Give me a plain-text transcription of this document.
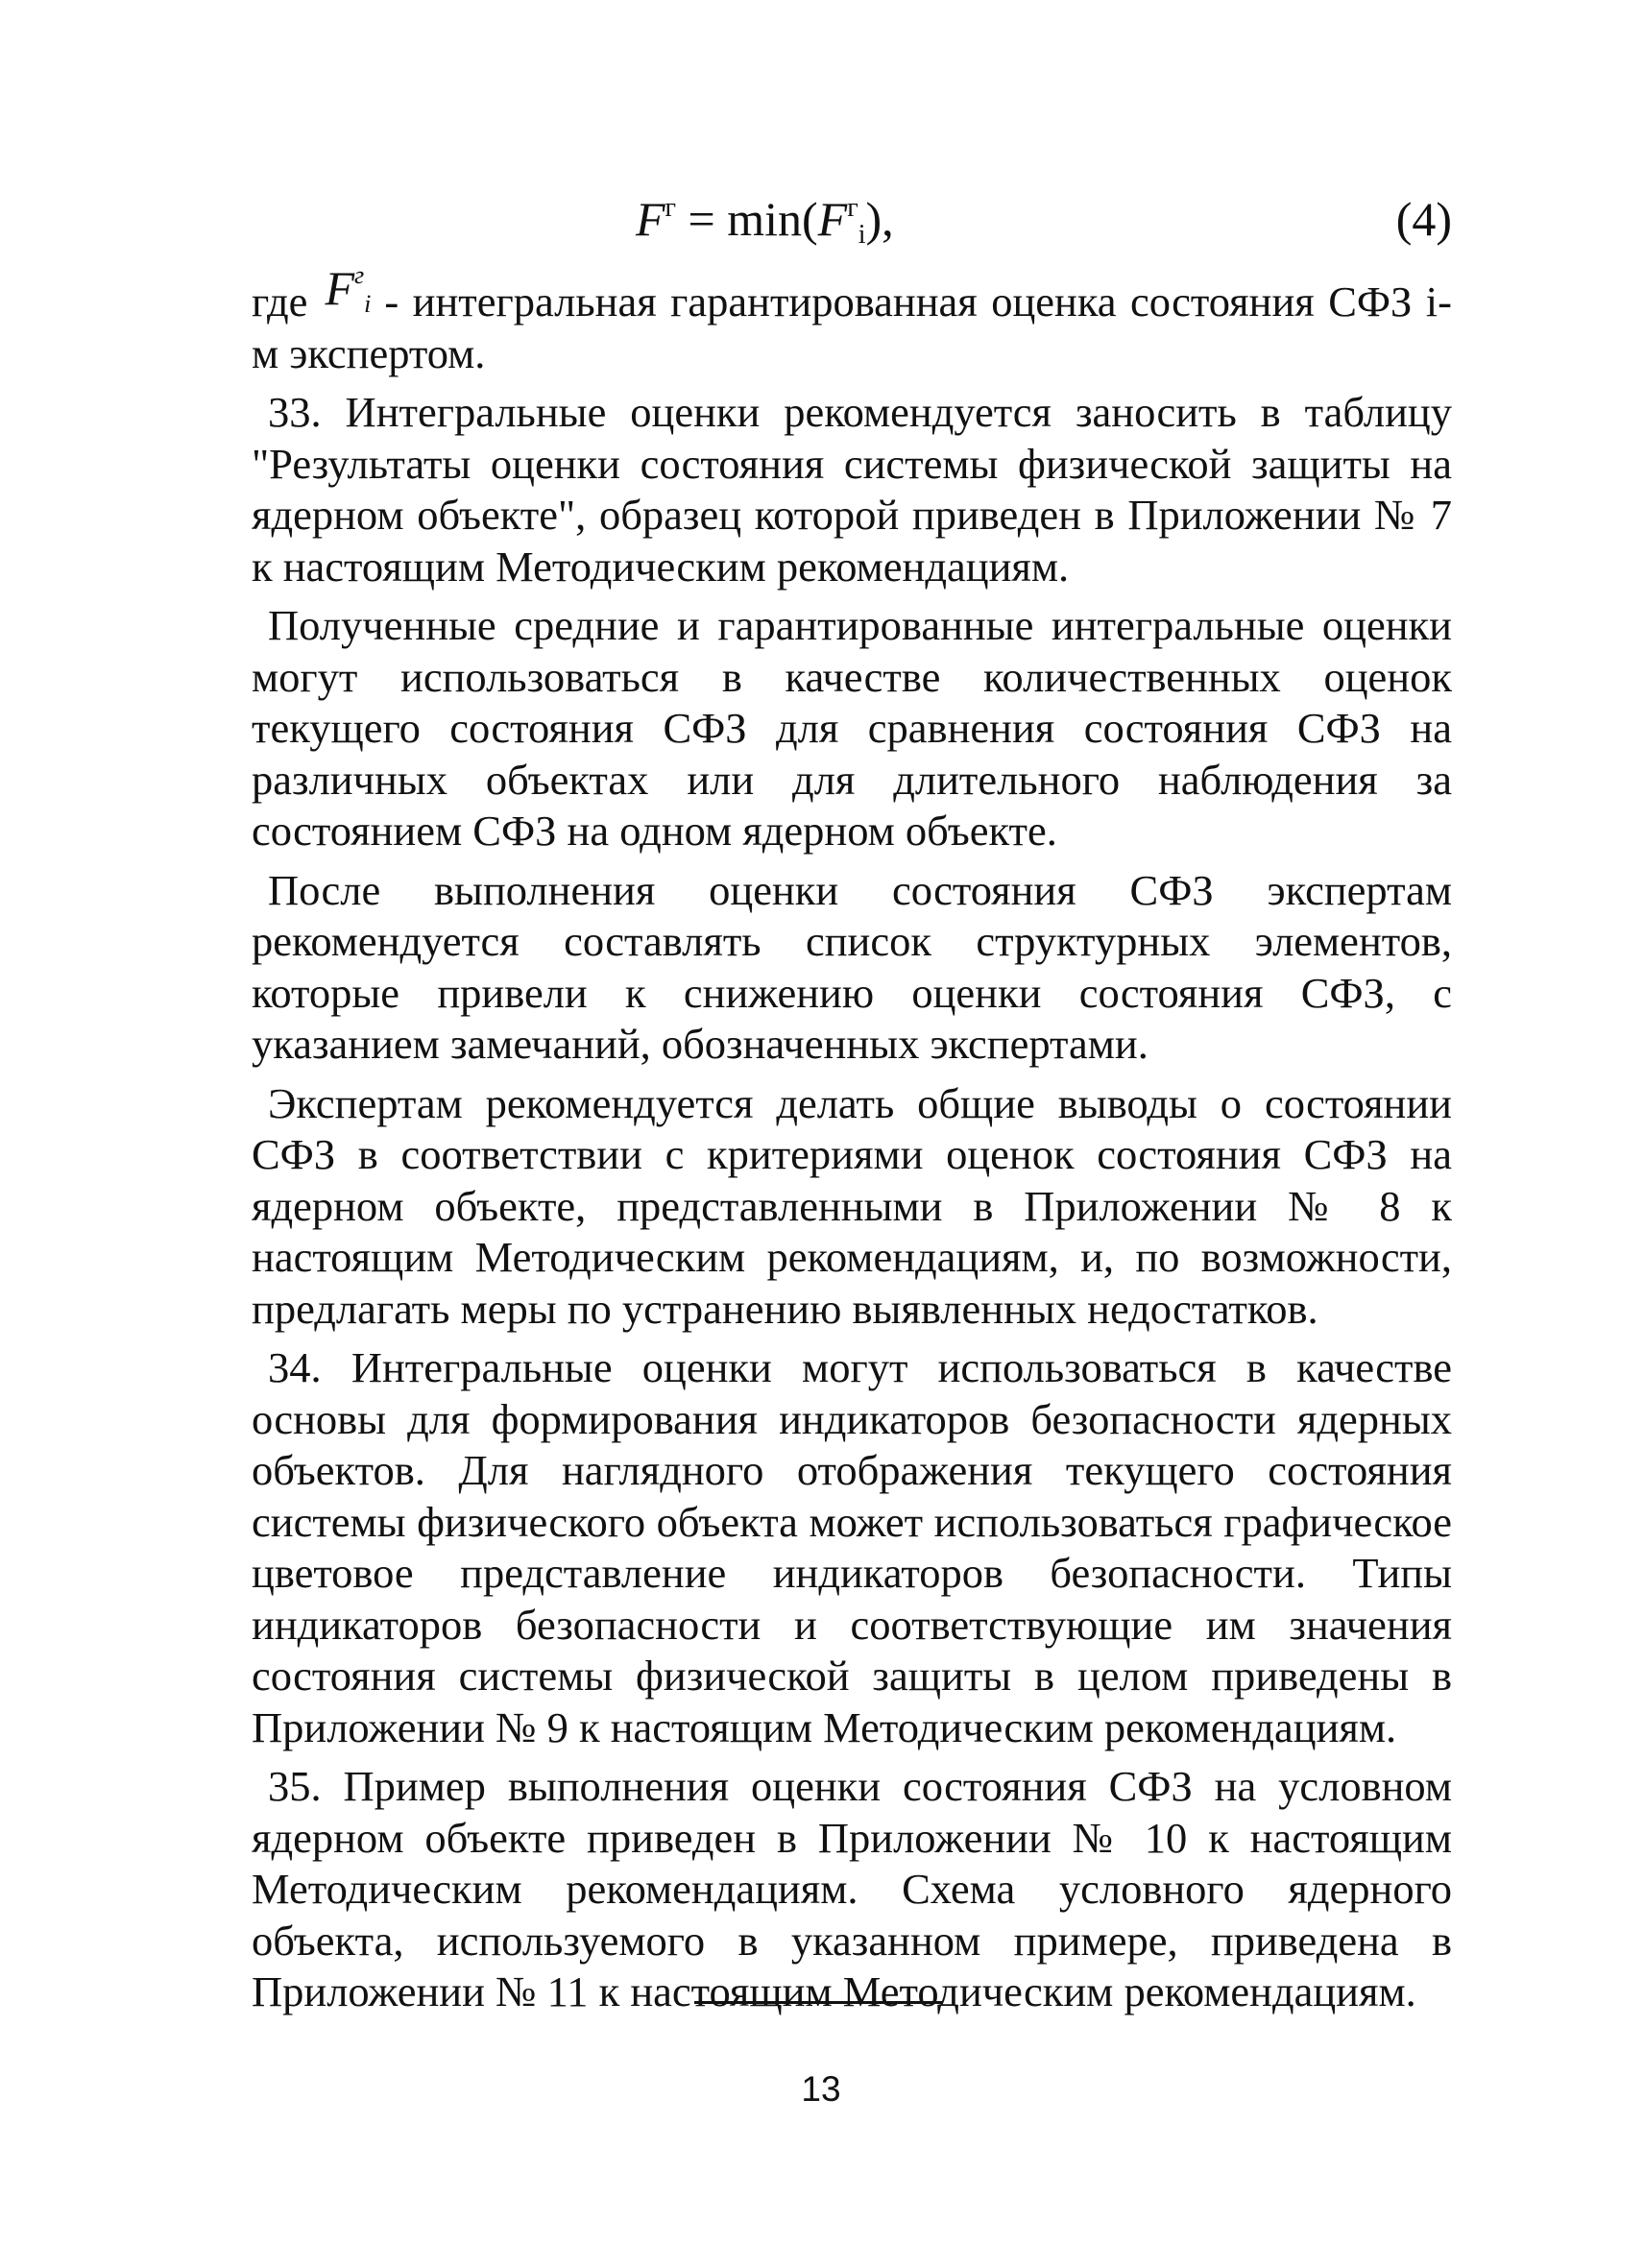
$F^г = \min(F^г_i)$,	(4)

где $F^г_i$ - интегральная гарантированная оценка состояния СФЗ i-м экспертом.

33. Интегральные оценки рекомендуется заносить в таблицу "Результаты оценки состояния системы физической защиты на ядерном объекте", образец которой приведен в Приложении № 7 к настоящим Методическим рекомендациям.

Полученные средние и гарантированные интегральные оценки могут использоваться в качестве количественных оценок текущего состояния СФЗ для сравнения состояния СФЗ на различных объектах или для длительного наблюдения за состоянием СФЗ на одном ядерном объекте.

После выполнения оценки состояния СФЗ экспертам рекомендуется составлять список структурных элементов, которые привели к снижению оценки состояния СФЗ, с указанием замечаний, обозначенных экспертами.

Экспертам рекомендуется делать общие выводы о состоянии СФЗ в соответствии с критериями оценок состояния СФЗ на ядерном объекте, представленными в Приложении № 8 к настоящим Методическим рекомендациям, и, по возможности, предлагать меры по устранению выявленных недостатков.

34. Интегральные оценки могут использоваться в качестве основы для формирования индикаторов безопасности ядерных объектов. Для наглядного отображения текущего состояния системы физического объекта может использоваться графическое цветовое представление индикаторов безопасности. Типы индикаторов безопасности и соответствующие им значения состояния системы физической защиты в целом приведены в Приложении № 9 к настоящим Методическим рекомендациям.

35. Пример выполнения оценки состояния СФЗ на условном ядерном объекте приведен в Приложении № 10 к настоящим Методическим рекомендациям. Схема условного ядерного объекта, используемого в указанном примере, приведена в Приложении № 11 к настоящим Методическим рекомендациям.

13
